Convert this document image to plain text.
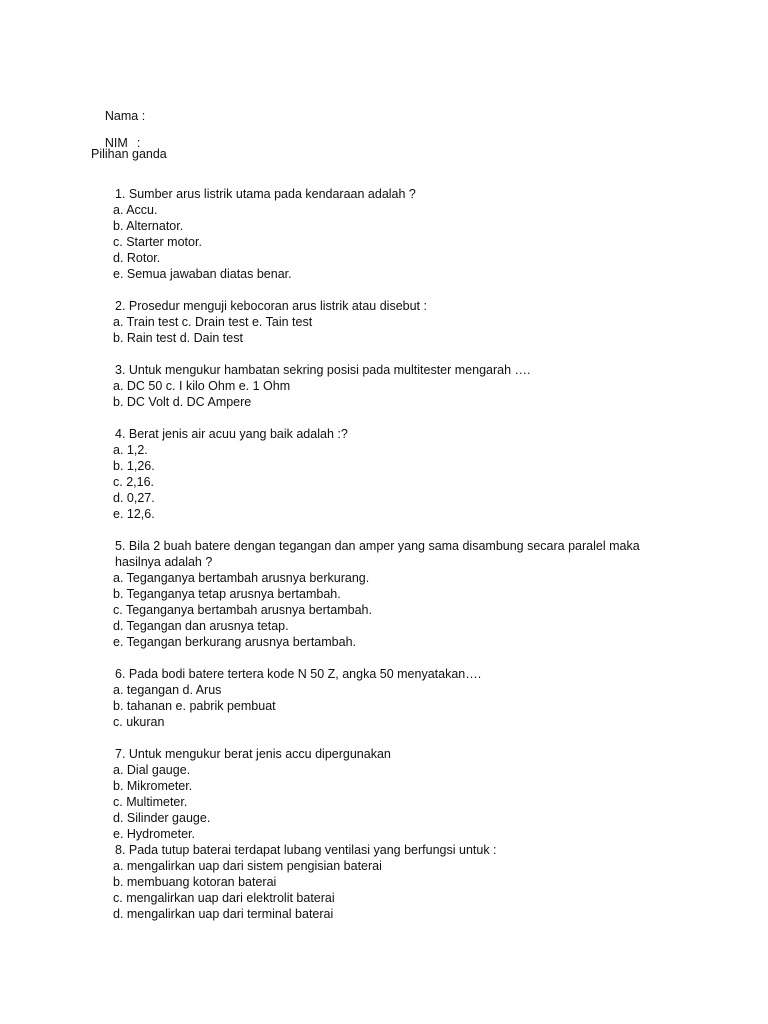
Nama :

NIM :

Pilihan ganda
1. Sumber arus listrik utama pada kendaraan adalah ?
a. Accu.
b. Alternator.
c. Starter motor.
d. Rotor.
e. Semua jawaban diatas benar.
2. Prosedur menguji kebocoran arus listrik atau disebut :
a. Train test c. Drain test e. Tain test
b. Rain test d. Dain test
3. Untuk mengukur hambatan sekring posisi pada multitester mengarah ….
a. DC 50 c. I kilo Ohm e. 1 Ohm
b. DC Volt d. DC Ampere
4. Berat jenis air acuu yang baik adalah :?
a. 1,2.
b. 1,26.
c. 2,16.
d. 0,27.
e. 12,6.
5. Bila 2 buah batere dengan tegangan dan amper yang sama disambung secara paralel maka hasilnya adalah ?
a. Teganganya bertambah arusnya berkurang.
b. Teganganya tetap arusnya bertambah.
c. Teganganya bertambah arusnya bertambah.
d. Tegangan dan arusnya tetap.
e. Tegangan berkurang arusnya bertambah.
6. Pada bodi batere tertera kode N 50 Z, angka 50 menyatakan….
a. tegangan d. Arus
b. tahanan e. pabrik pembuat
c. ukuran
7. Untuk mengukur berat jenis accu dipergunakan
a. Dial gauge.
b. Mikrometer.
c. Multimeter.
d. Silinder gauge.
e. Hydrometer.
8. Pada tutup baterai terdapat lubang ventilasi yang berfungsi untuk :
a. mengalirkan uap dari sistem pengisian baterai
b. membuang kotoran baterai
c. mengalirkan uap dari elektrolit baterai
d. mengalirkan uap dari terminal baterai
